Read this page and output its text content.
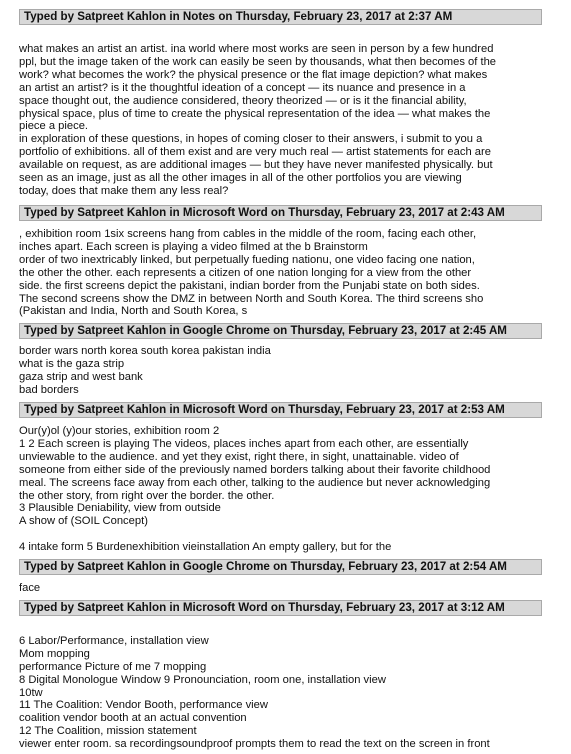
Typed by Satpreet Kahlon in Notes on Thursday, February 23, 2017 at 2:37 AM
what makes an artist an artist. ina world where most works are seen in person by a few hundred
ppl, but the image taken of the work can easily be seen by thousands, what then becomes of the
work? what becomes the work? the physical presence or the flat image depiction? what makes
an artist an artist? is it the thoughtful ideation of a concept — its nuance and presence in a
space thought out, the audience considered, theory theorized — or is it the financial ability,
physical space, plus of time to create the physical representation of the idea — what makes the
piece a piece.
in exploration of these questions, in hopes of coming closer to their answers, i submit to you a
portfolio of exhibitions. all of them exist and are very much real — artist statements for each are
available on request, as are additional images — but they have never manifested physically. but
seen as an image, just as all the other images in all of the other portfolios you are viewing
today, does that make them any less real?
Typed by Satpreet Kahlon in Microsoft Word on Thursday, February 23, 2017 at 2:43 AM
, exhibition room 1six screens hang from cables in the middle of the room, facing each other,
inches apart. Each screen is playing a video filmed at the b Brainstorm
order of two inextricably linked, but perpetually fueding nationu, one video facing one nation,
the other the other. each represents a citizen of one nation longing for a view from the other
side. the first screens depict the pakistani, indian border from the Punjabi state on both sides.
The second screens show the DMZ in between North and South Korea. The third screens sho
(Pakistan and India, North and South Korea, s
Typed by Satpreet Kahlon in Google Chrome on Thursday, February 23, 2017 at 2:45 AM
border wars north korea south korea pakistan india
what is the gaza strip
gaza strip and west bank
bad borders
Typed by Satpreet Kahlon in Microsoft Word on Thursday, February 23, 2017 at 2:53 AM
Our(y)ol (y)our stories, exhibition room 2
1 2 Each screen is playing The videos, places inches apart from each other, are essentially
unviewable to the audience. and yet they exist, right there, in sight, unattainable. video of
someone from either side of the previously named borders talking about their favorite childhood
meal. The screens face away from each other, talking to the audience but never acknowledging
the other story, from right over the border. the other.
3 Plausible Deniability, view from outside
A show of (SOIL Concept)

4 intake form 5 Burdenexhibition vieinstallation An empty gallery, but for the
Typed by Satpreet Kahlon in Google Chrome on Thursday, February 23, 2017 at 2:54 AM
face
Typed by Satpreet Kahlon in Microsoft Word on Thursday, February 23, 2017 at 3:12 AM

6 Labor/Performance, installation view
Mom mopping
performance Picture of me 7 mopping
8 Digital Monologue Window 9 Pronounciation, room one, installation view
10tw
11 The Coalition: Vendor Booth, performance view
coalition vendor booth at an actual convention
12 The Coalition, mission statement
viewer enter room. sa recordingsoundproof prompts them to read the text on the screen in front
